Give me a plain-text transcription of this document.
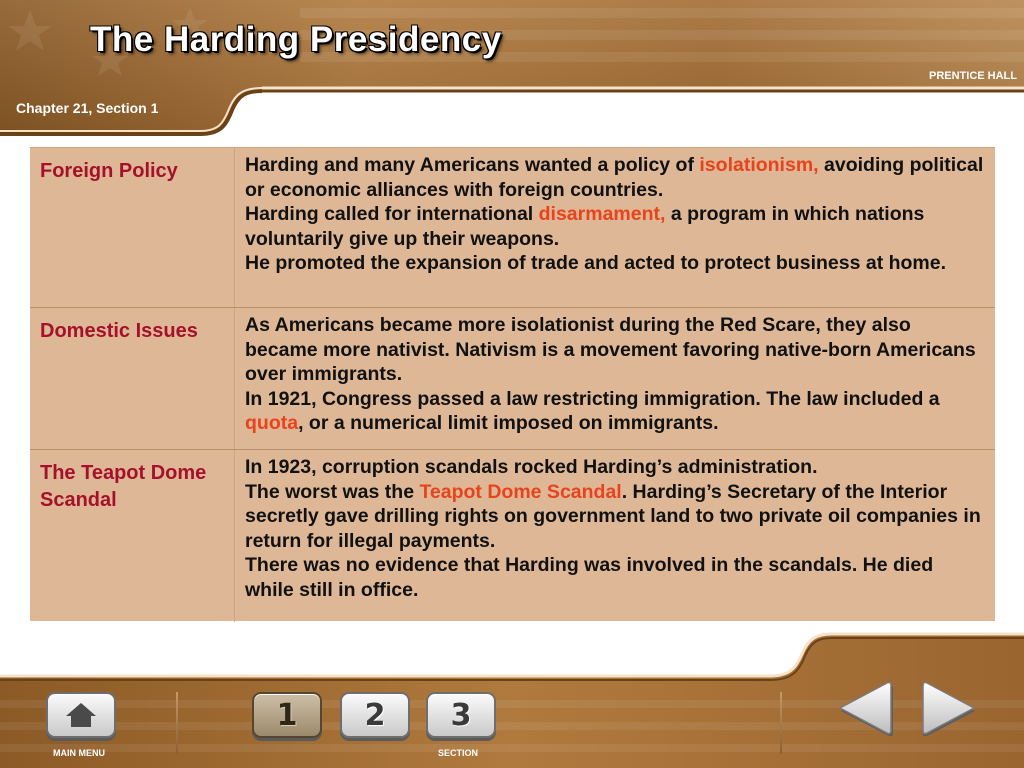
The Harding Presidency
PRENTICE HALL
Chapter 21, Section 1
Foreign Policy	Harding and many Americans wanted a policy of isolationism, avoiding political or economic alliances with foreign countries.

Harding called for international disarmament, a program in which nations voluntarily give up their weapons.

He promoted the expansion of trade and acted to protect business at home.

Domestic Issues	As Americans became more isolationist during the Red Scare, they also became more nativist. Nativism is a movement favoring native-born Americans over immigrants.

In 1921, Congress passed a law restricting immigration. The law included a quota, or a numerical limit imposed on immigrants.

The Teapot Dome Scandal

In 1923, corruption scandals rocked Harding’s administration.

The worst was the Teapot Dome Scandal. Harding’s Secretary of the Interior secretly gave drilling rights on government land to two private oil companies in return for illegal payments.

There was no evidence that Harding was involved in the scandals. He died while still in office.

MAIN MENU
1 2 3
SECTION
